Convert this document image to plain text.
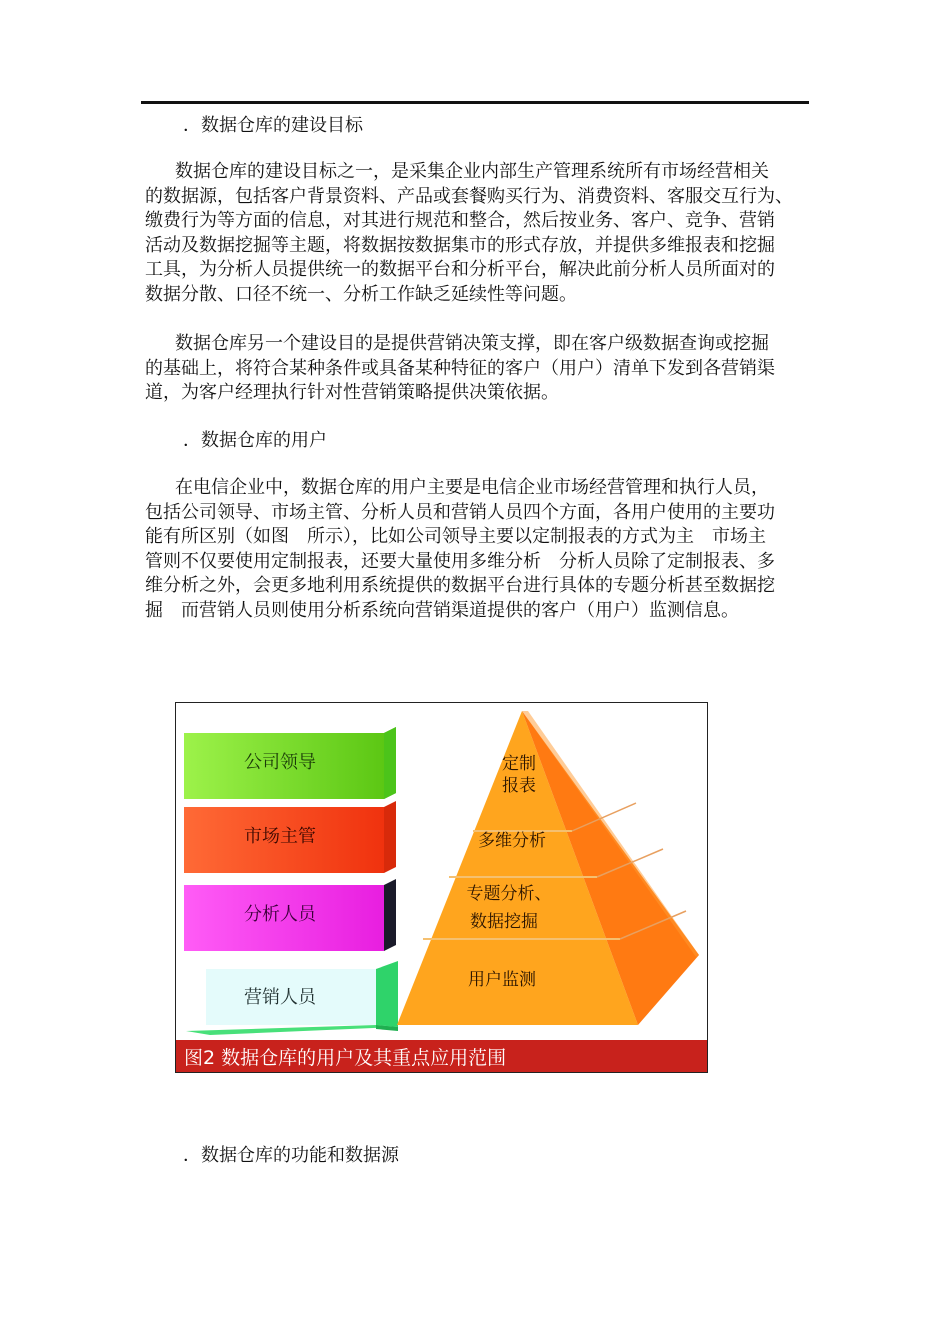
．数据仓库的建设目标
数据仓库的建设目标之一，是采集企业内部生产管理系统所有市场经营相关
的数据源，包括客户背景资料、产品或套餐购买行为、消费资料、客服交互行为、
缴费行为等方面的信息，对其进行规范和整合，然后按业务、客户、竞争、营销
活动及数据挖掘等主题，将数据按数据集市的形式存放，并提供多维报表和挖掘
工具，为分析人员提供统一的数据平台和分析平台，解决此前分析人员所面对的
数据分散、口径不统一、分析工作缺乏延续性等问题。
数据仓库另一个建设目的是提供营销决策支撑，即在客户级数据查询或挖掘
的基础上，将符合某种条件或具备某种特征的客户（用户）清单下发到各营销渠
道，为客户经理执行针对性营销策略提供决策依据。
．数据仓库的用户
在电信企业中，数据仓库的用户主要是电信企业市场经营管理和执行人员，
包括公司领导、市场主管、分析人员和营销人员四个方面，各用户使用的主要功
能有所区别（如图　所示），比如公司领导主要以定制报表的方式为主　市场主
管则不仅要使用定制报表，还要大量使用多维分析　分析人员除了定制报表、多
维分析之外，会更多地利用系统提供的数据平台进行具体的专题分析甚至数据挖
掘　而营销人员则使用分析系统向营销渠道提供的客户（用户）监测信息。
公司领导
市场主管
分析人员
营销人员
定制
报表
多维分析
专题分析、
数据挖掘
用户监测
图2 数据仓库的用户及其重点应用范围
．数据仓库的功能和数据源
